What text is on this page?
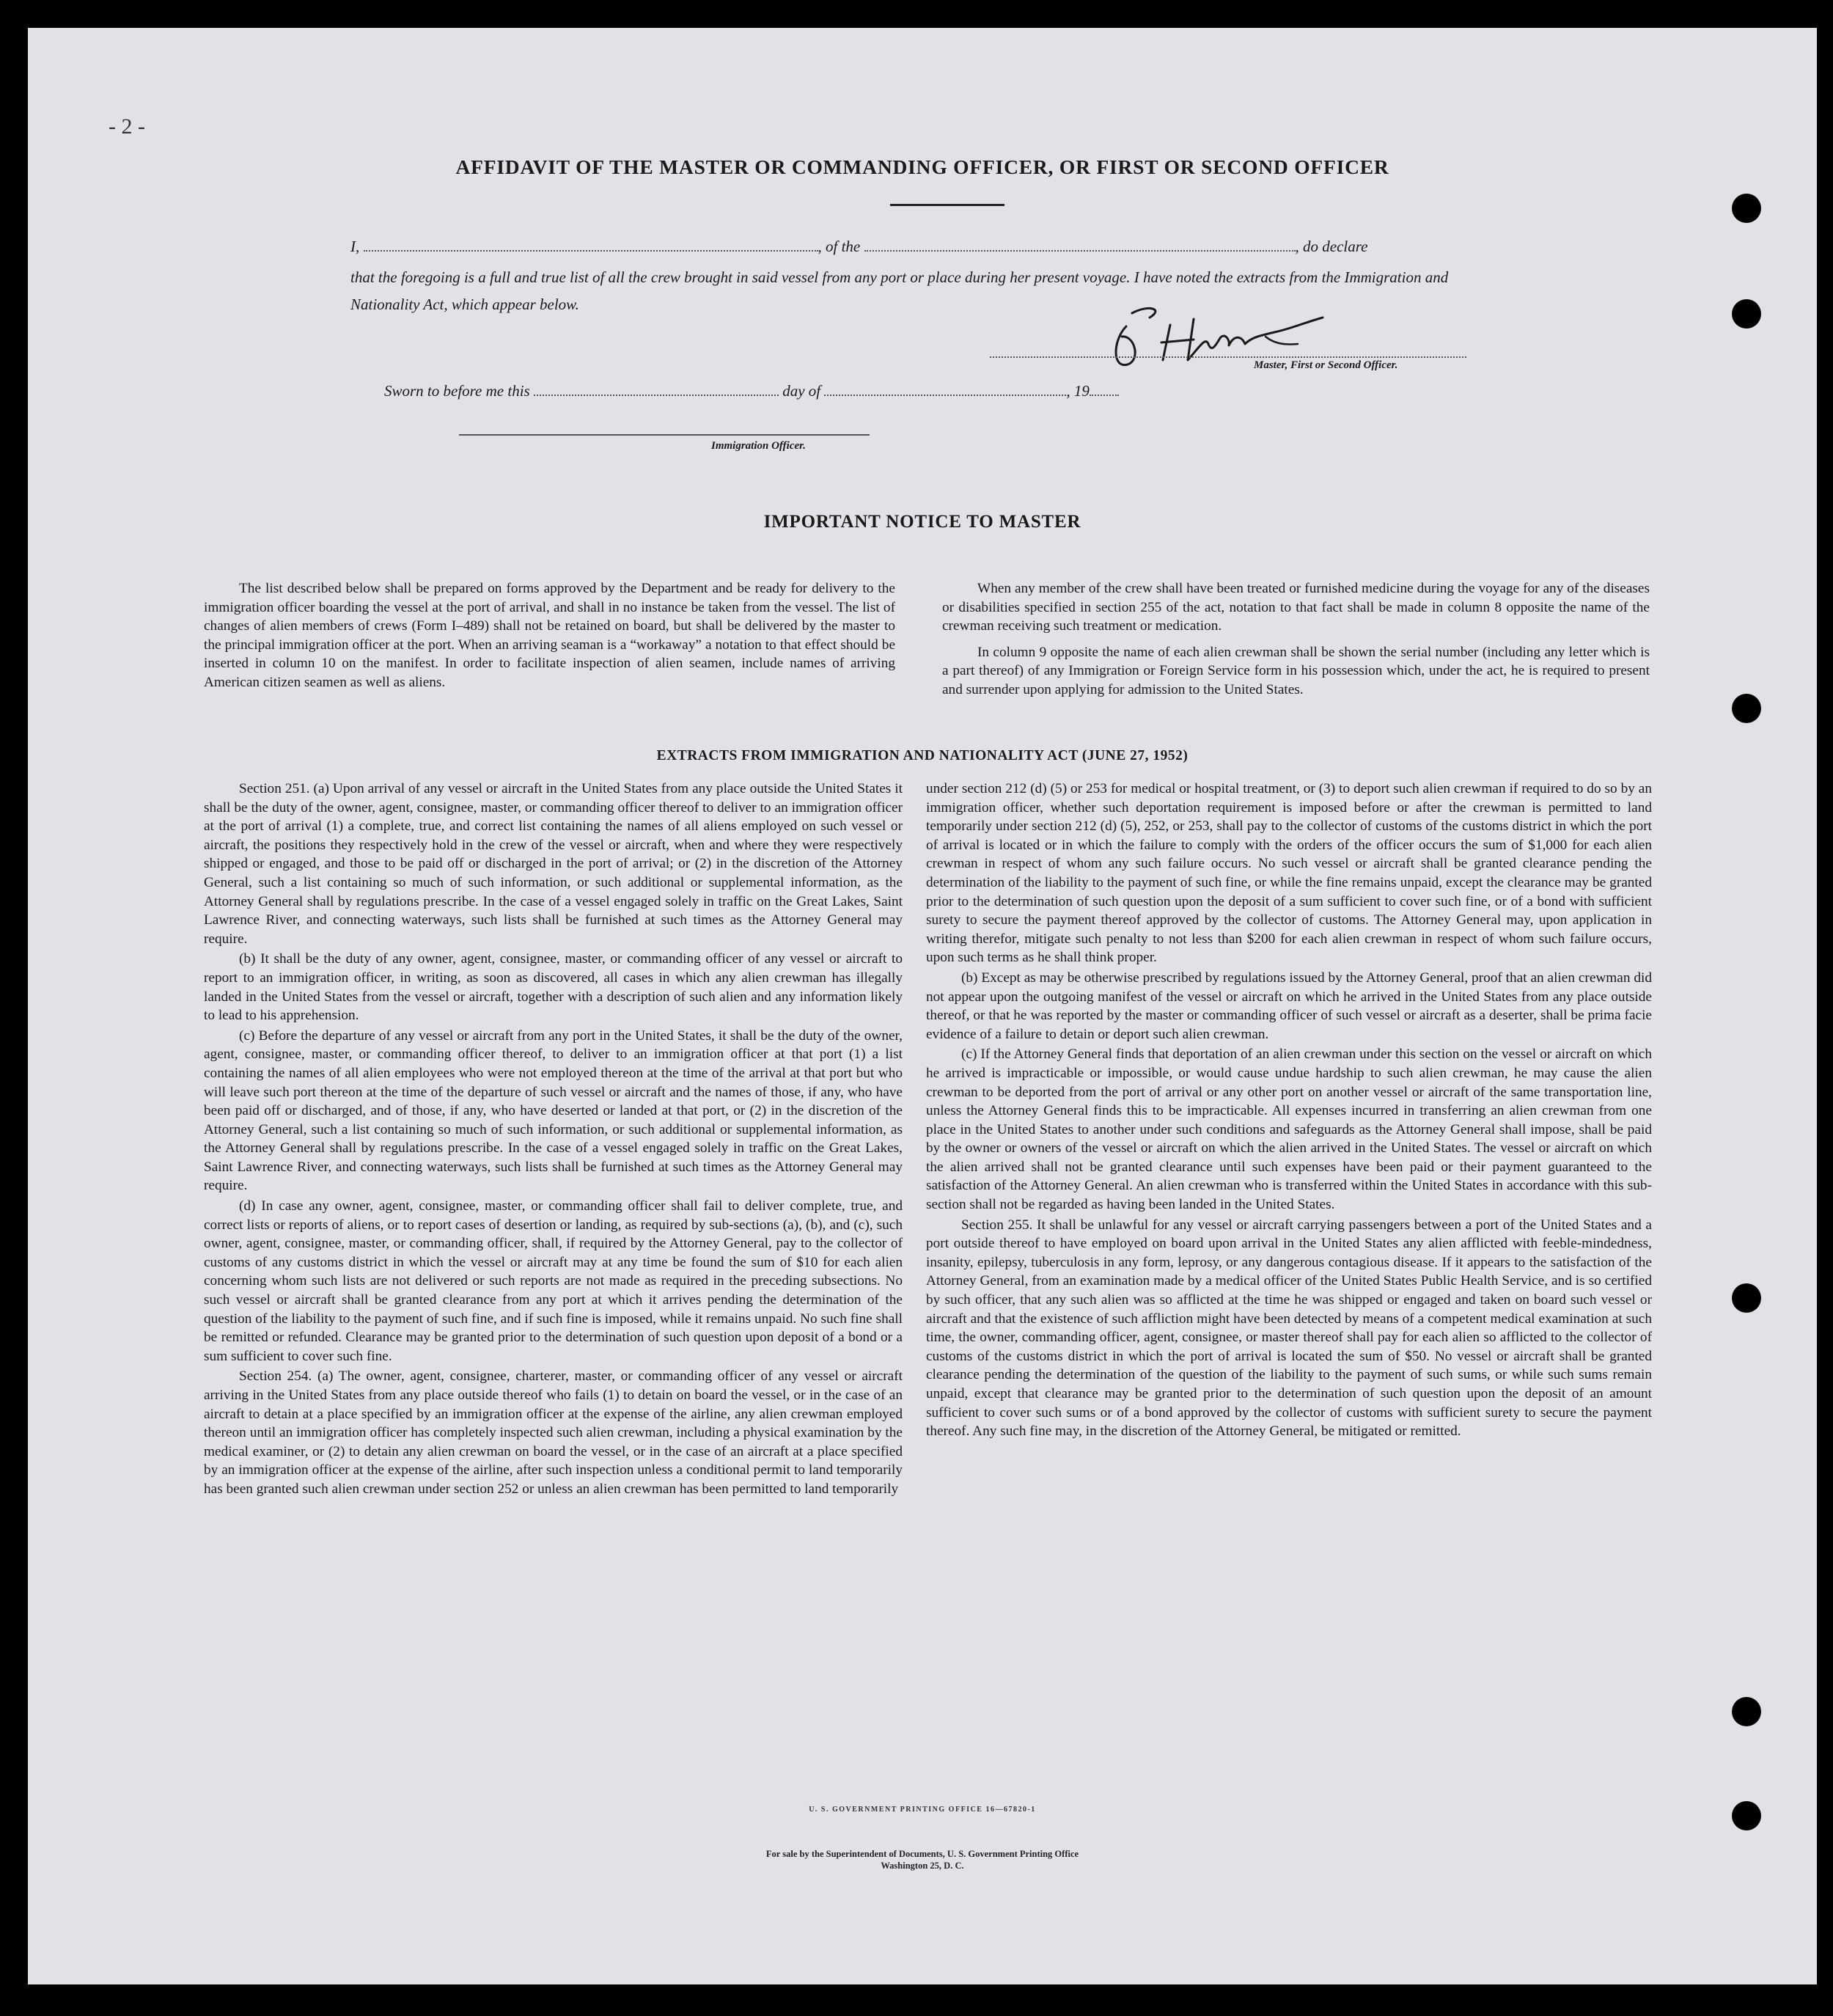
- 2 -
AFFIDAVIT OF THE MASTER OR COMMANDING OFFICER, OR FIRST OR SECOND OFFICER
I,	, of the	, do declare
that the foregoing is a full and true list of all the crew brought in said vessel from any port or place during her present voyage. I have noted the extracts from the Immigration and Nationality Act, which appear below.
Master, First or Second Officer.
Sworn to before me this	day of	, 19
Immigration Officer.
IMPORTANT NOTICE TO MASTER

The list described below shall be prepared on forms approved by the Department and be ready for delivery to the immigration officer boarding the vessel at the port of arrival, and shall in no instance be taken from the vessel. The list of changes of alien members of crews (Form I–489) shall not be retained on board, but shall be delivered by the master to the principal immigration officer at the port. When an arriving seaman is a “workaway” a notation to that effect should be inserted in column 10 on the manifest. In order to facilitate inspection of alien seamen, include names of arriving American citizen seamen as well as aliens.

When any member of the crew shall have been treated or furnished medicine during the voyage for any of the diseases or disabilities specified in section 255 of the act, notation to that fact shall be made in column 8 opposite the name of the crewman receiving such treatment or medication.

In column 9 opposite the name of each alien crewman shall be shown the serial number (including any letter which is a part thereof) of any Immigration or Foreign Service form in his possession which, under the act, he is required to present and surrender upon applying for admission to the United States.

EXTRACTS FROM IMMIGRATION AND NATIONALITY ACT (JUNE 27, 1952)

Section 251. (a) Upon arrival of any vessel or aircraft in the United States from any place outside the United States it shall be the duty of the owner, agent, consignee, master, or commanding officer thereof to deliver to an immigration officer at the port of arrival (1) a complete, true, and correct list containing the names of all aliens employed on such vessel or aircraft, the positions they respectively hold in the crew of the vessel or aircraft, when and where they were respectively shipped or engaged, and those to be paid off or discharged in the port of arrival; or (2) in the discretion of the Attorney General, such a list containing so much of such information, or such additional or supplemental information, as the Attorney General shall by regulations prescribe. In the case of a vessel engaged solely in traffic on the Great Lakes, Saint Lawrence River, and connecting waterways, such lists shall be furnished at such times as the Attorney General may require.

(b) It shall be the duty of any owner, agent, consignee, master, or commanding officer of any vessel or aircraft to report to an immigration officer, in writing, as soon as discovered, all cases in which any alien crewman has illegally landed in the United States from the vessel or aircraft, together with a description of such alien and any information likely to lead to his apprehension.

(c) Before the departure of any vessel or aircraft from any port in the United States, it shall be the duty of the owner, agent, consignee, master, or commanding officer thereof, to deliver to an immigration officer at that port (1) a list containing the names of all alien employees who were not employed thereon at the time of the arrival at that port but who will leave such port thereon at the time of the departure of such vessel or aircraft and the names of those, if any, who have been paid off or discharged, and of those, if any, who have deserted or landed at that port, or (2) in the discretion of the Attorney General, such a list containing so much of such information, or such additional or supplemental information, as the Attorney General shall by regulations prescribe. In the case of a vessel engaged solely in traffic on the Great Lakes, Saint Lawrence River, and connecting waterways, such lists shall be furnished at such times as the Attorney General may require.

(d) In case any owner, agent, consignee, master, or commanding officer shall fail to deliver complete, true, and correct lists or reports of aliens, or to report cases of desertion or landing, as required by sub-sections (a), (b), and (c), such owner, agent, consignee, master, or commanding officer, shall, if required by the Attorney General, pay to the collector of customs of any customs district in which the vessel or aircraft may at any time be found the sum of $10 for each alien concerning whom such lists are not delivered or such reports are not made as required in the preceding subsections. No such vessel or aircraft shall be granted clearance from any port at which it arrives pending the determination of the question of the liability to the payment of such fine, and if such fine is imposed, while it remains unpaid. No such fine shall be remitted or refunded. Clearance may be granted prior to the determination of such question upon deposit of a bond or a sum sufficient to cover such fine.

Section 254. (a) The owner, agent, consignee, charterer, master, or commanding officer of any vessel or aircraft arriving in the United States from any place outside thereof who fails (1) to detain on board the vessel, or in the case of an aircraft to detain at a place specified by an immigration officer at the expense of the airline, any alien crewman employed thereon until an immigration officer has completely inspected such alien crewman, including a physical examination by the medical examiner, or (2) to detain any alien crewman on board the vessel, or in the case of an aircraft at a place specified by an immigration officer at the expense of the airline, after such inspection unless a conditional permit to land temporarily has been granted such alien crewman under section 252 or unless an alien crewman has been permitted to land temporarily

under section 212 (d) (5) or 253 for medical or hospital treatment, or (3) to deport such alien crewman if required to do so by an immigration officer, whether such deportation requirement is imposed before or after the crewman is permitted to land temporarily under section 212 (d) (5), 252, or 253, shall pay to the collector of customs of the customs district in which the port of arrival is located or in which the failure to comply with the orders of the officer occurs the sum of $1,000 for each alien crewman in respect of whom any such failure occurs. No such vessel or aircraft shall be granted clearance pending the determination of the liability to the payment of such fine, or while the fine remains unpaid, except the clearance may be granted prior to the determination of such question upon the deposit of a sum sufficient to cover such fine, or of a bond with sufficient surety to secure the payment thereof approved by the collector of customs. The Attorney General may, upon application in writing therefor, mitigate such penalty to not less than $200 for each alien crewman in respect of whom such failure occurs, upon such terms as he shall think proper.

(b) Except as may be otherwise prescribed by regulations issued by the Attorney General, proof that an alien crewman did not appear upon the outgoing manifest of the vessel or aircraft on which he arrived in the United States from any place outside thereof, or that he was reported by the master or commanding officer of such vessel or aircraft as a deserter, shall be prima facie evidence of a failure to detain or deport such alien crewman.

(c) If the Attorney General finds that deportation of an alien crewman under this section on the vessel or aircraft on which he arrived is impracticable or impossible, or would cause undue hardship to such alien crewman, he may cause the alien crewman to be deported from the port of arrival or any other port on another vessel or aircraft of the same transportation line, unless the Attorney General finds this to be impracticable. All expenses incurred in transferring an alien crewman from one place in the United States to another under such conditions and safeguards as the Attorney General shall impose, shall be paid by the owner or owners of the vessel or aircraft on which the alien arrived in the United States. The vessel or aircraft on which the alien arrived shall not be granted clearance until such expenses have been paid or their payment guaranteed to the satisfaction of the Attorney General. An alien crewman who is transferred within the United States in accordance with this sub-section shall not be regarded as having been landed in the United States.

Section 255. It shall be unlawful for any vessel or aircraft carrying passengers between a port of the United States and a port outside thereof to have employed on board upon arrival in the United States any alien afflicted with feeble-mindedness, insanity, epilepsy, tuberculosis in any form, leprosy, or any dangerous contagious disease. If it appears to the satisfaction of the Attorney General, from an examination made by a medical officer of the United States Public Health Service, and is so certified by such officer, that any such alien was so afflicted at the time he was shipped or engaged and taken on board such vessel or aircraft and that the existence of such affliction might have been detected by means of a competent medical examination at such time, the owner, commanding officer, agent, consignee, or master thereof shall pay for each alien so afflicted to the collector of customs of the customs district in which the port of arrival is located the sum of $50. No vessel or aircraft shall be granted clearance pending the determination of the question of the liability to the payment of such sums, or while such sums remain unpaid, except that clearance may be granted prior to the determination of such question upon the deposit of an amount sufficient to cover such sums or of a bond approved by the collector of customs with sufficient surety to secure the payment thereof. Any such fine may, in the discretion of the Attorney General, be mitigated or remitted.

U. S. GOVERNMENT PRINTING OFFICE 16—67820-1
For sale by the Superintendent of Documents, U. S. Government Printing Office
Washington 25, D. C.
